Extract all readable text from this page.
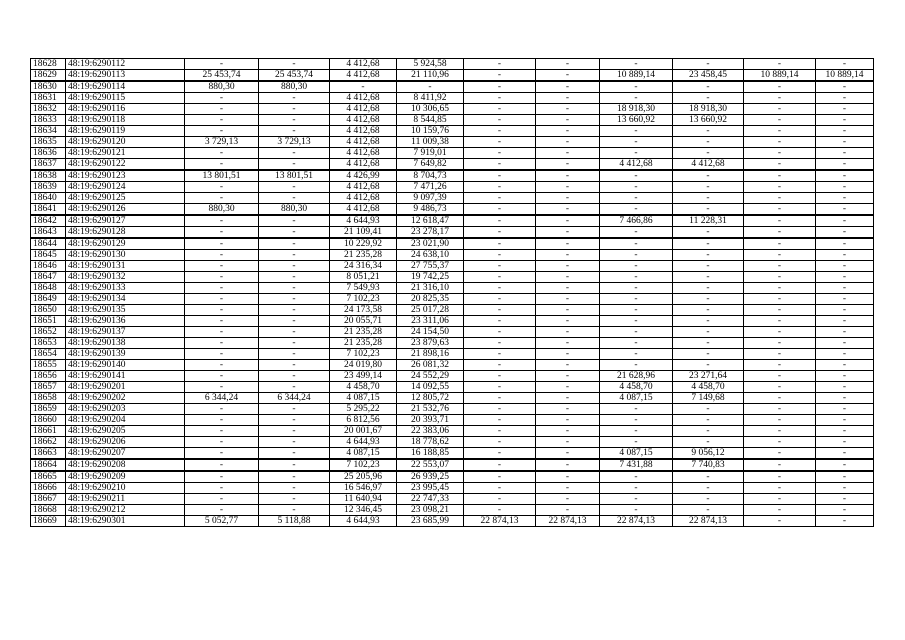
18628	48:19:6290112	-	-	4 412,68	5 924,58	-	-	-	-	-	-
18629	48:19:6290113	25 453,74	25 453,74	4 412,68	21 110,96	-	-	10 889,14	23 458,45	10 889,14	10 889,14
18630	48:19:6290114	880,30	880,30	-	-	-	-	-	-	-	-
18631	48:19:6290115	-	-	4 412,68	8 411,92	-	-	-	-	-	-
18632	48:19:6290116	-	-	4 412,68	10 306,65	-	-	18 918,30	18 918,30	-	-
18633	48:19:6290118	-	-	4 412,68	8 544,85	-	-	13 660,92	13 660,92	-	-
18634	48:19:6290119	-	-	4 412,68	10 159,76	-	-	-	-	-	-
18635	48:19:6290120	3 729,13	3 729,13	4 412,68	11 009,38	-	-	-	-	-	-
18636	48:19:6290121	-	-	4 412,68	7 919,01	-	-	-	-	-	-
18637	48:19:6290122	-	-	4 412,68	7 649,82	-	-	4 412,68	4 412,68	-	-
18638	48:19:6290123	13 801,51	13 801,51	4 426,99	8 704,73	-	-	-	-	-	-
18639	48:19:6290124	-	-	4 412,68	7 471,26	-	-	-	-	-	-
18640	48:19:6290125	-	-	4 412,68	9 097,39	-	-	-	-	-	-
18641	48:19:6290126	880,30	880,30	4 412,68	9 486,73	-	-	-	-	-	-
18642	48:19:6290127	-	-	4 644,93	12 618,47	-	-	7 466,86	11 228,31	-	-
18643	48:19:6290128	-	-	21 109,41	23 278,17	-	-	-	-	-	-
18644	48:19:6290129	-	-	10 229,92	23 021,90	-	-	-	-	-	-
18645	48:19:6290130	-	-	21 235,28	24 638,10	-	-	-	-	-	-
18646	48:19:6290131	-	-	24 316,34	27 755,37	-	-	-	-	-	-
18647	48:19:6290132	-	-	8 051,21	19 742,25	-	-	-	-	-	-
18648	48:19:6290133	-	-	7 549,93	21 316,10	-	-	-	-	-	-
18649	48:19:6290134	-	-	7 102,23	20 825,35	-	-	-	-	-	-
18650	48:19:6290135	-	-	24 173,58	25 017,28	-	-	-	-	-	-
18651	48:19:6290136	-	-	20 055,71	23 311,06	-	-	-	-	-	-
18652	48:19:6290137	-	-	21 235,28	24 154,50	-	-	-	-	-	-
18653	48:19:6290138	-	-	21 235,28	23 879,63	-	-	-	-	-	-
18654	48:19:6290139	-	-	7 102,23	21 898,16	-	-	-	-	-	-
18655	48:19:6290140	-	-	24 019,80	26 081,32	-	-	-	-	-	-
18656	48:19:6290141	-	-	23 499,14	24 552,29	-	-	21 628,96	23 271,64	-	-
18657	48:19:6290201	-	-	4 458,70	14 092,55	-	-	4 458,70	4 458,70	-	-
18658	48:19:6290202	6 344,24	6 344,24	4 087,15	12 805,72	-	-	4 087,15	7 149,68	-	-
18659	48:19:6290203	-	-	5 295,22	21 532,76	-	-	-	-	-	-
18660	48:19:6290204	-	-	6 812,56	20 393,71	-	-	-	-	-	-
18661	48:19:6290205	-	-	20 001,67	22 383,06	-	-	-	-	-	-
18662	48:19:6290206	-	-	4 644,93	18 778,62	-	-	-	-	-	-
18663	48:19:6290207	-	-	4 087,15	16 188,85	-	-	4 087,15	9 056,12	-	-
18664	48:19:6290208	-	-	7 102,23	22 553,07	-	-	7 431,88	7 740,83	-	-
18665	48:19:6290209	-	-	25 205,96	26 939,25	-	-	-	-	-	-
18666	48:19:6290210	-	-	16 546,97	23 995,45	-	-	-	-	-	-
18667	48:19:6290211	-	-	11 640,94	22 747,33	-	-	-	-	-	-
18668	48:19:6290212	-	-	12 346,45	23 098,21	-	-	-	-	-	-
18669	48:19:6290301	5 052,77	5 118,88	4 644,93	23 685,99	22 874,13	22 874,13	22 874,13	22 874,13	-	-
